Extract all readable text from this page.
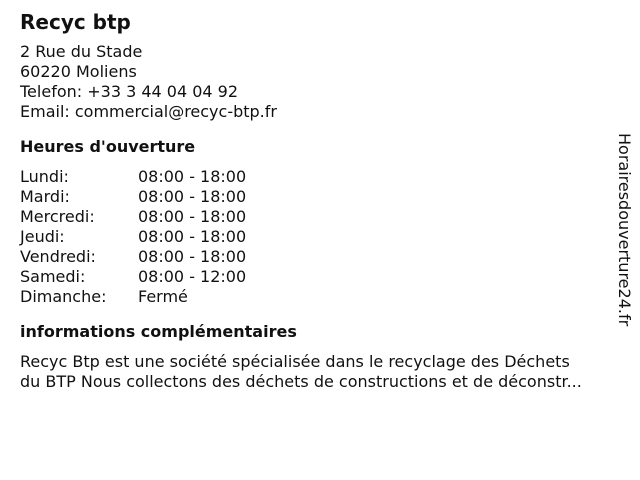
Recyc btp
2 Rue du Stade
60220 Moliens
Telefon: +33 3 44 04 04 92
Email: commercial@recyc-btp.fr
Heures d'ouverture
Lundi:	08:00 - 18:00
Mardi:	08:00 - 18:00
Mercredi:	08:00 - 18:00
Jeudi:	08:00 - 18:00
Vendredi:	08:00 - 18:00
Samedi:	08:00 - 12:00
Dimanche:	Fermé
informations complémentaires
Recyc Btp est une société spécialisée dans le recyclage des Déchets
du BTP Nous collectons des déchets de constructions et de déconstr...
Horairesdouverture24.fr
